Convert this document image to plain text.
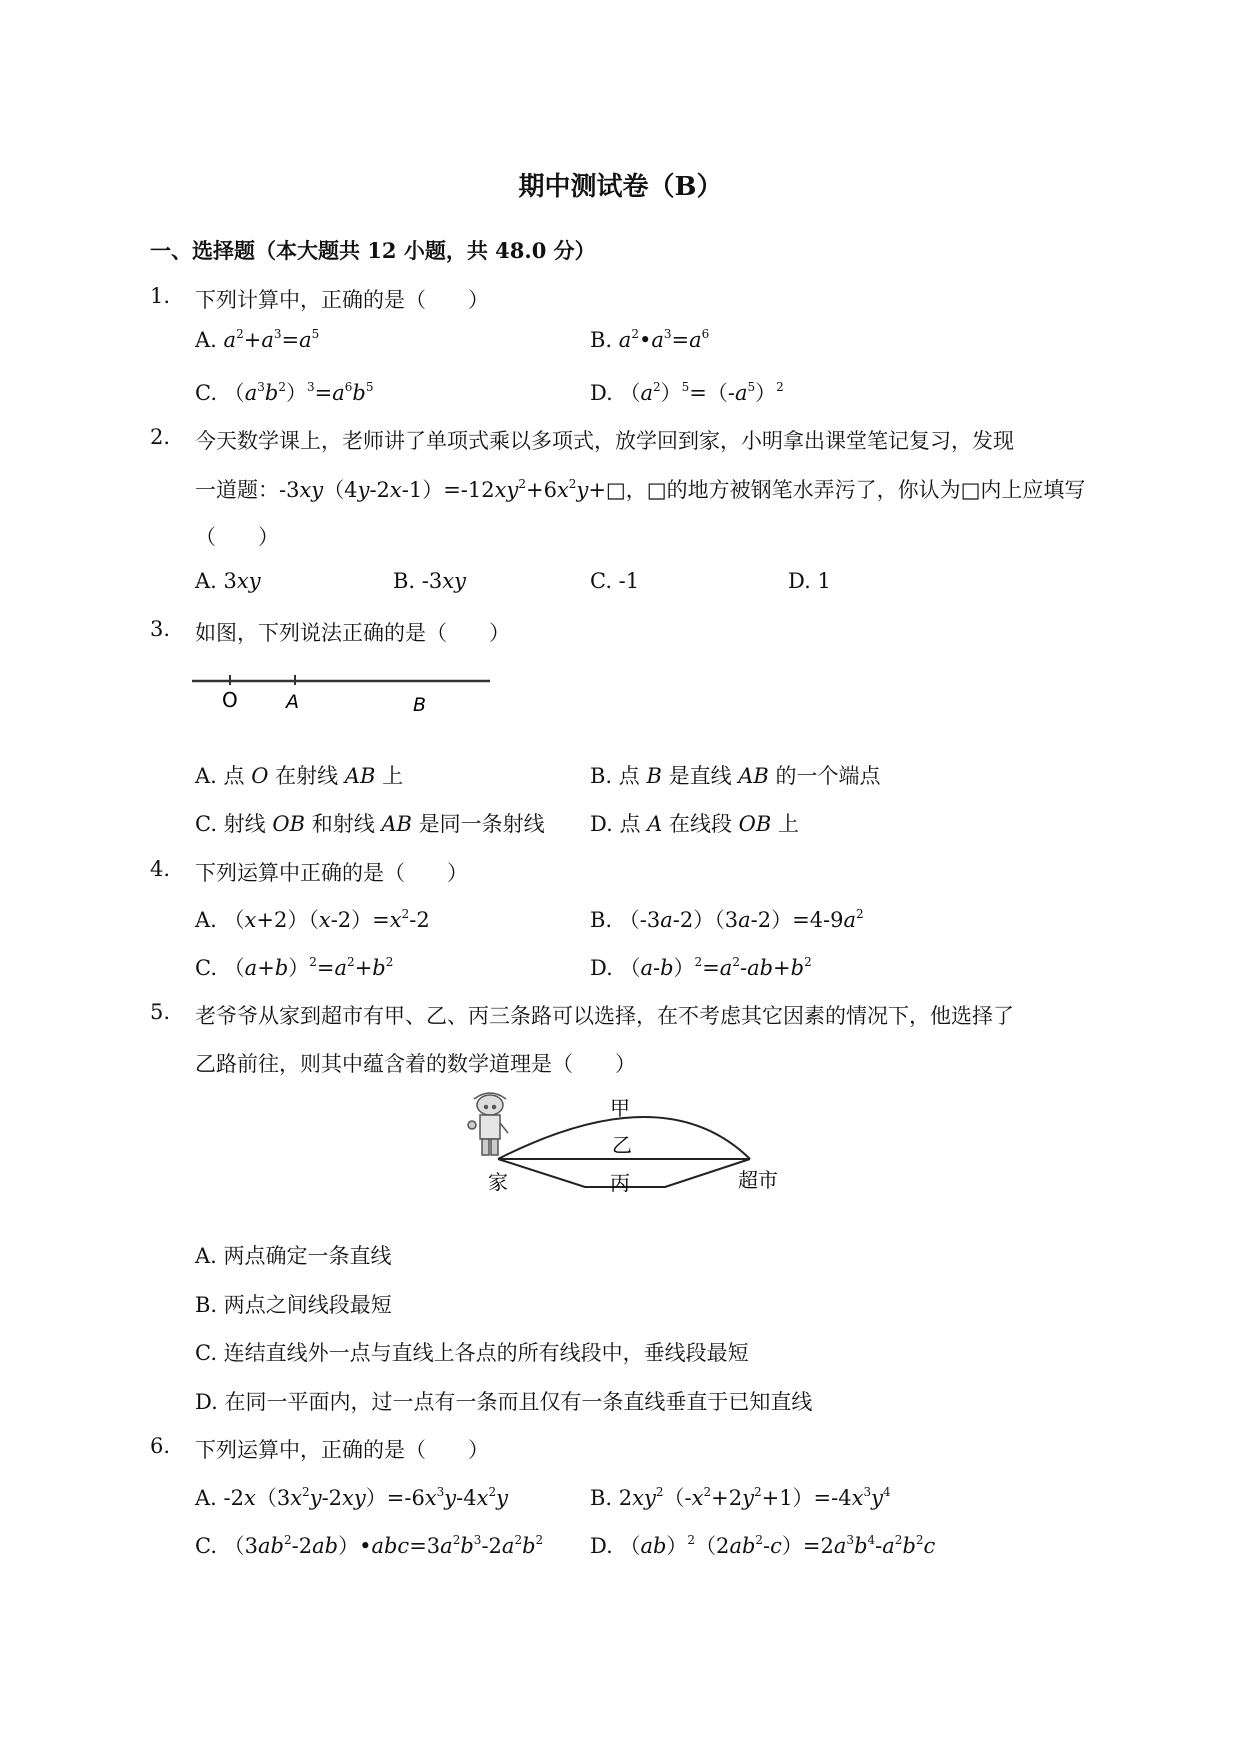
期中测试卷（B）
一、选择题（本大题共 12 小题，共 48.0 分）
1. 下列计算中，正确的是（　　）
A. $a^2+a^3=a^5$	B. $a^2•a^3=a^6$
C. $(a^3b^2)^3=a^6b^5$	D. $(a^2)^5=(-a^5)^2$
2. 今天数学课上，老师讲了单项式乘以多项式，放学回到家，小明拿出课堂笔记复习，发现
一道题：$-3xy(4y-2x-1)=-12xy^2+6x^2y+□$，□的地方被钢笔水弄污了，你认为□内上应填写
（　　）
A. 3xy	B. -3xy	C. -1	D. 1
3. 如图，下列说法正确的是（　　）
O	A	B
A. 点 O 在射线 AB 上	B. 点 B 是直线 AB 的一个端点
C. 射线 OB 和射线 AB 是同一条射线 D. 点 A 在线段 OB 上
4. 下列运算中正确的是（　　）
A. $(x+2)(x-2)=x^2-2$	B. $(-3a-2)(3a-2)=4-9a^2$
C. $(a+b)^2=a^2+b^2$	D. $(a-b)^2=a^2-ab+b^2$
5. 老爷爷从家到超市有甲、乙、丙三条路可以选择，在不考虑其它因素的情况下，他选择了
乙路前往，则其中蕴含着的数学道理是（　　）
甲
乙
丙
家	超市
A. 两点确定一条直线
B. 两点之间线段最短
C. 连结直线外一点与直线上各点的所有线段中，垂线段最短
D. 在同一平面内，过一点有一条而且仅有一条直线垂直于已知直线
6. 下列运算中，正确的是（　　）
A. $-2x(3x^2y-2xy)=-6x^3y-4x^2y$	B. $2xy^2(-x^2+2y^2+1)=-4x^3y^4$
C. $(3ab^2-2ab)•abc=3a^2b^3-2a^2b^2$ D. $(ab)^2(2ab^2-c)=2a^3b^4-a^2b^2c$
